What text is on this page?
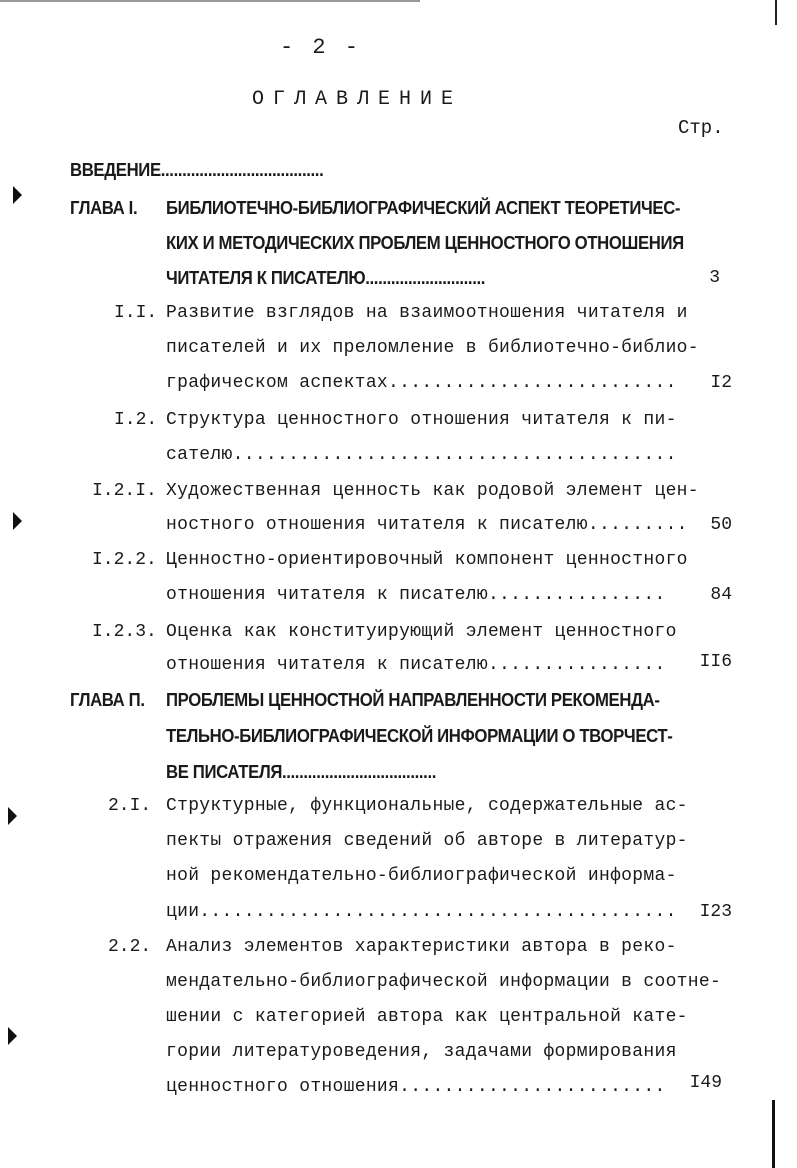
- 2 -
ОГЛАВЛЕНИЕ
Стр.
ВВЕДЕНИЕ......................................
ГЛАВА I. БИБЛИОТЕЧНО-БИБЛИОГРАФИЧЕСКИЙ АСПЕКТ ТЕОРЕТИЧЕС-
КИХ И МЕТОДИЧЕСКИХ ПРОБЛЕМ ЦЕННОСТНОГО ОТНОШЕНИЯ
ЧИТАТЕЛЯ К ПИСАТЕЛЮ............................	3
I.I. Развитие взглядов на взаимоотношения читателя и
писателей и их преломление в библиотечно-библио-
графическом аспектах..........................	I2
I.2. Структура ценностного отношения читателя к пи-
сателю........................................
I.2.I. Художественная ценность как родовой элемент цен-
ностного отношения читателя к писателю.........	50
I.2.2. Ценностно-ориентировочный компонент ценностного
отношения читателя к писателю................	84
I.2.3. Оценка как конституирующий элемент ценностного
отношения читателя к писателю................	II6
ГЛАВА П. ПРОБЛЕМЫ ЦЕННОСТНОЙ НАПРАВЛЕННОСТИ РЕКОМЕНДА-
ТЕЛЬНО-БИБЛИОГРАФИЧЕСКОЙ ИНФОРМАЦИИ О ТВОРЧЕСТ-
ВЕ ПИСАТЕЛЯ....................................
2.I. Структурные, функциональные, содержательные ас-
пекты отражения сведений об авторе в литератур-
ной рекомендательно-библиографической информа-
ции...........................................	I23
2.2. Анализ элементов характеристики автора в реко-
мендательно-библиографической информации в соотне-
шении с категорией автора как центральной кате-
гории литературоведения, задачами формирования
ценностного отношения........................	I49
